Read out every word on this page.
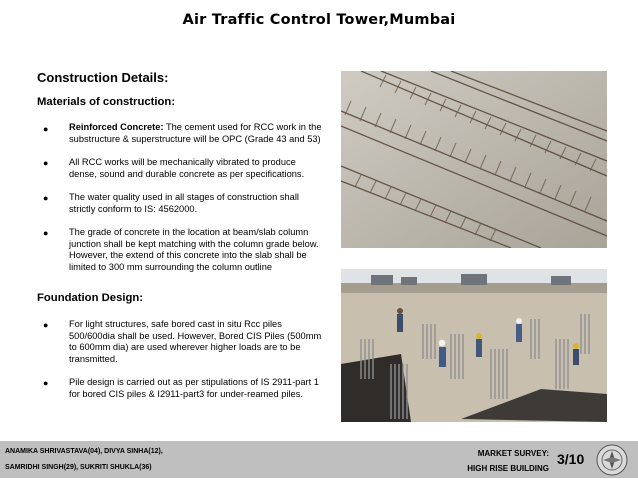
Air Traffic Control Tower,Mumbai
Construction Details:
Materials of construction:
●	Reinforced Concrete: The cement used for RCC work in the substructure & superstructure will be OPC (Grade 43 and 53)
●	All RCC works will be mechanically vibrated to produce dense, sound and durable concrete as per specifications.
●	The water quality used in all stages of construction shall strictly conform to IS: 4562000.
●	The grade of concrete in the location at beam/slab column junction shall be kept matching with the column grade below. However, the extend of this concrete into the slab shall be limited to 300 mm surrounding the column outline
Foundation Design:
●	For light structures, safe bored cast in situ Rcc piles 500/600dia shall be used. However, Bored CIS Piles (500mm to 600mm dia) are used wherever higher loads are to be transmitted.
●	Pile design is carried out as per stipulations of IS 2911-part 1 for bored CIS piles & I2911-part3 for under-reamed piles.
ANAMIKA SHRIVASTAVA(04), DIVYA SINHA(12),
SAMRIDHI SINGH(29), SUKRITI SHUKLA(36)
MARKET SURVEY:
HIGH RISE BUILDING
3/10
